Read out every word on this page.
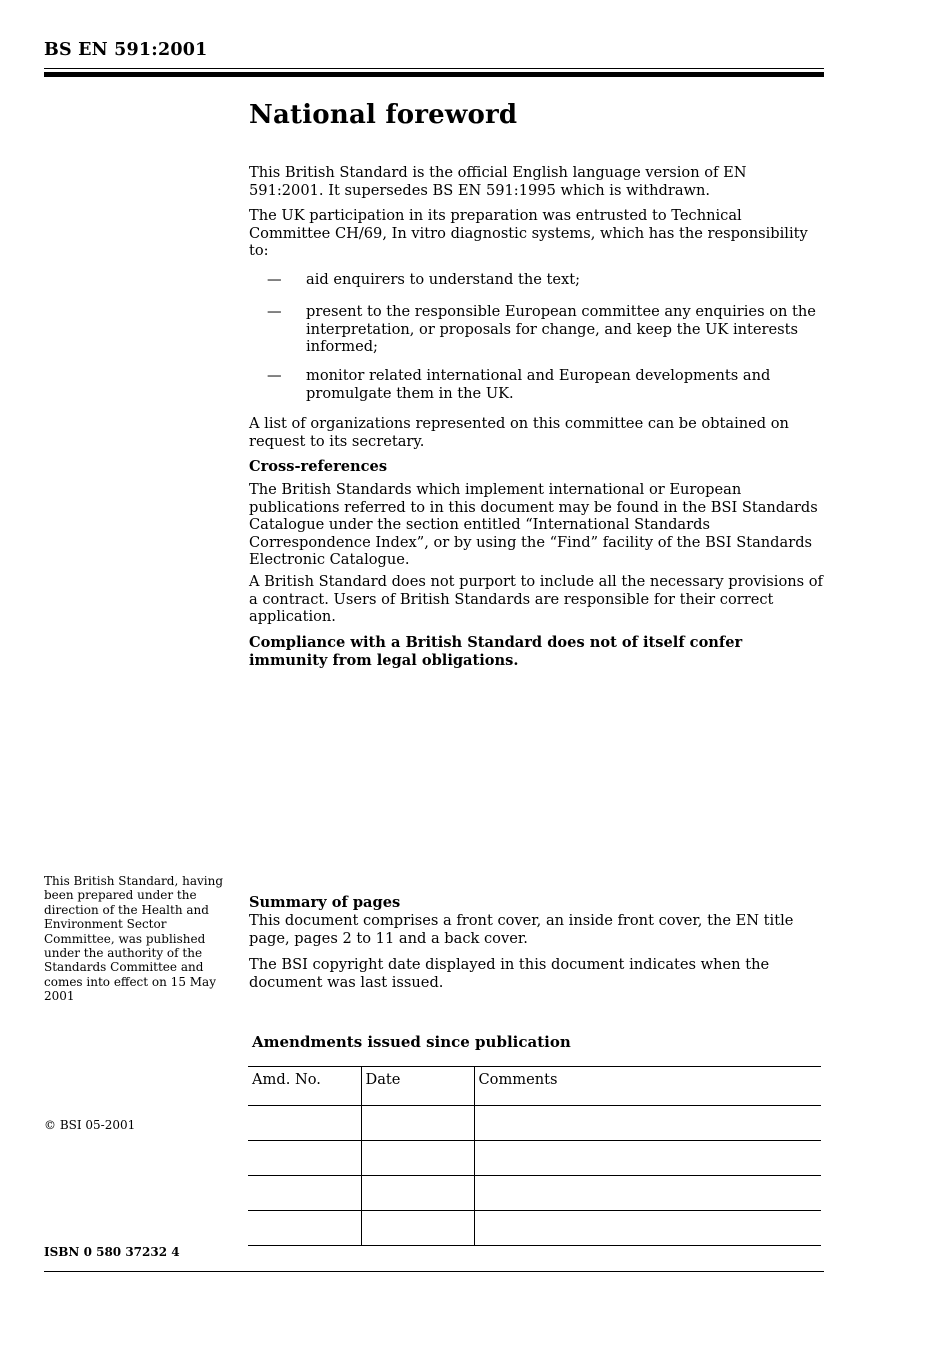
BS EN 591:2001
National foreword

This British Standard is the official English language version of EN 591:2001. It supersedes BS EN 591:1995 which is withdrawn.

The UK participation in its preparation was entrusted to Technical Committee CH/69, In vitro diagnostic systems, which has the responsibility to:

— aid enquirers to understand the text;
— present to the responsible European committee any enquiries on the interpretation, or proposals for change, and keep the UK interests informed;
— monitor related international and European developments and promulgate them in the UK.

A list of organizations represented on this committee can be obtained on request to its secretary.

Cross-references

The British Standards which implement international or European publications referred to in this document may be found in the BSI Standards Catalogue under the section entitled “International Standards Correspondence Index”, or by using the “Find” facility of the BSI Standards Electronic Catalogue.

A British Standard does not purport to include all the necessary provisions of a contract. Users of British Standards are responsible for their correct application.

Compliance with a British Standard does not of itself confer immunity from legal obligations.

This British Standard, having been prepared under the direction of the Health and Environment Sector Committee, was published under the authority of the Standards Committee and comes into effect on 15 May 2001
Summary of pages

This document comprises a front cover, an inside front cover, the EN title page, pages 2 to 11 and a back cover.

The BSI copyright date displayed in this document indicates when the document was last issued.

Amendments issued since publication
Amd. No.	Date	Comments

© BSI 05-2001
ISBN 0 580 37232 4
